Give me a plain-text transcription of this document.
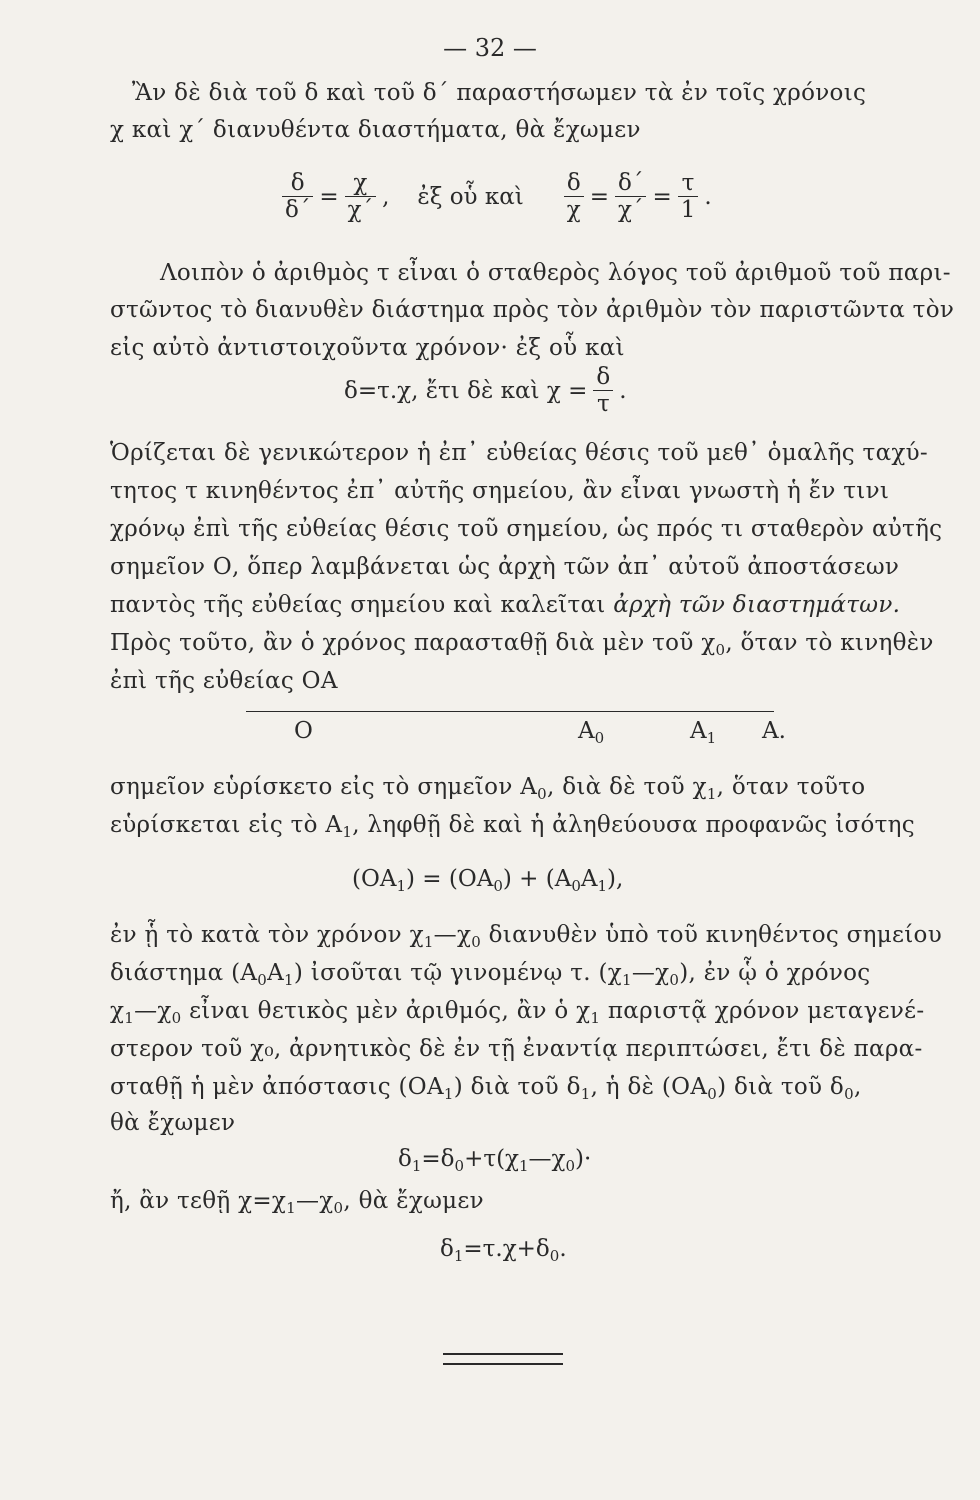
— 32 —
Ἂν δὲ διὰ τοῦ δ καὶ τοῦ δ΄ παραστήσωμεν τὰ ἐν τοῖς χρόνοις
χ καὶ χ΄ διανυθέντα διαστήματα, θὰ ἔχωμεν
$\frac{\delta}{\delta΄} = \frac{\chi}{\chi΄}$ , ἐξ οὗ καὶ $\frac{\delta}{\chi} = \frac{\delta΄}{\chi΄} = \frac{\tau}{1}$ .
Λοιπὸν ὁ ἀριθμὸς τ εἶναι ὁ σταθερὸς λόγος τοῦ ἀριθμοῦ τοῦ παρι-
στῶντος τὸ διανυθὲν διάστημα πρὸς τὸν ἀριθμὸν τὸν παριστῶντα τὸν
εἰς αὐτὸ ἀντιστοιχοῦντα χρόνον· ἐξ οὗ καὶ
δ=τ.χ, ἔτι δὲ καὶ $\chi = \frac{\delta}{\tau}$ .
Ὁρίζεται δὲ γενικώτερον ἡ ἐπ᾽ εὐθείας θέσις τοῦ μεθ᾽ ὁμαλῆς ταχύ-
τητος τ κινηθέντος ἐπ᾽ αὐτῆς σημείου, ἂν εἶναι γνωστὴ ἡ ἔν τινι
χρόνῳ ἐπὶ τῆς εὐθείας θέσις τοῦ σημείου, ὡς πρός τι σταθερὸν αὐτῆς
σημεῖον Ο, ὅπερ λαμβάνεται ὡς ἀρχὴ τῶν ἀπ᾽ αὐτοῦ ἀποστάσεων
παντὸς τῆς εὐθείας σημείου καὶ καλεῖται ἀρχὴ τῶν διαστημάτων.
Πρὸς τοῦτο, ἂν ὁ χρόνος παρασταθῇ διὰ μὲν τοῦ $\chi_0$, ὅταν τὸ κινηθὲν
ἐπὶ τῆς εὐθείας ΟΑ
Ο	$A_0$	$A_1$ A.
σημεῖον εὑρίσκετο εἰς τὸ σημεῖον $A_0$, διὰ δὲ τοῦ $\chi_1$, ὅταν τοῦτο
εὑρίσκεται εἰς τὸ $A_1$, ληφθῇ δὲ καὶ ἡ ἀληθεύουσα προφανῶς ἰσότης
$(OA_1) = (OA_0) + (A_0A_1)$,
ἐν ᾗ τὸ κατὰ τὸν χρόνον $\chi_1—\chi_0$ διανυθὲν ὑπὸ τοῦ κινηθέντος σημείου
διάστημα $(A_0A_1)$ ἰσοῦται τῷ γινομένῳ τ. $(\chi_1—\chi_0)$, ἐν ᾧ ὁ χρόνος
$\chi_1—\chi_0$ εἶναι θετικὸς μὲν ἀριθμός, ἂν ὁ $\chi_1$ παριστᾷ χρόνον μεταγενέ-
στερον τοῦ χ₀, ἀρνητικὸς δὲ ἐν τῇ ἐναντίᾳ περιπτώσει, ἔτι δὲ παρα-
σταθῇ ἡ μὲν ἀπόστασις $(OA_1)$ διὰ τοῦ $\delta_1$, ἡ δὲ $(OA_0)$ διὰ τοῦ $\delta_0$,
θὰ ἔχωμεν
$\delta_1=\delta_0+\tau(\chi_1—\chi_0)\cdot$
ἤ, ἂν τεθῇ $\chi=\chi_1—\chi_0$, θὰ ἔχωμεν
$\delta_1=\tau.\chi+\delta_0$.
